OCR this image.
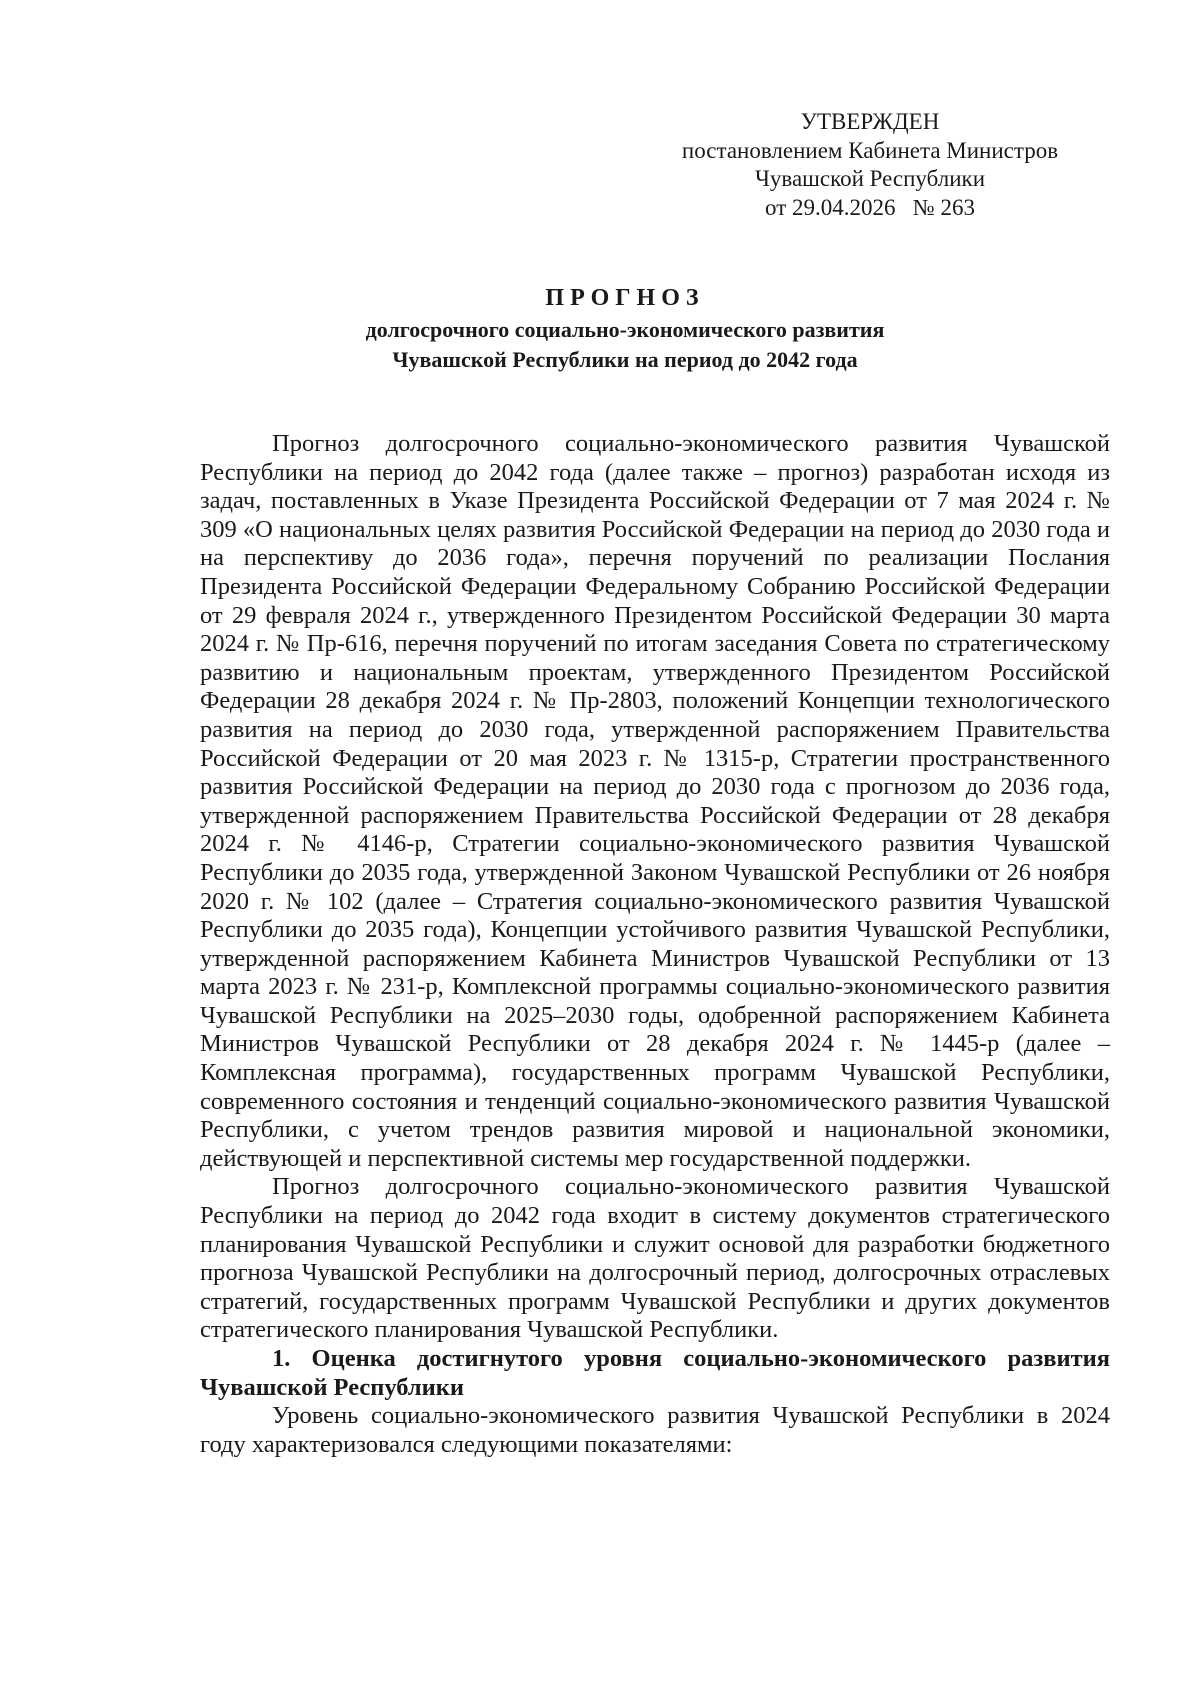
УТВЕРЖДЕН
постановлением Кабинета Министров
Чувашской Республики
от 29.04.2026   № 263
ПРОГНОЗ
долгосрочного социально-экономического развития
Чувашской Республики на период до 2042 года

Прогноз долгосрочного социально-экономического развития Чувашской Республики на период до 2042 года (далее также – прогноз) разработан исходя из задач, поставленных в Указе Президента Российской Федерации от 7 мая 2024 г. № 309 «О национальных целях развития Российской Федерации на период до 2030 года и на перспективу до 2036 года», перечня поручений по реализации Послания Президента Российской Федерации Федеральному Собранию Российской Федерации от 29 февраля 2024 г., утвержденного Президентом Российской Федерации 30 марта 2024 г. № Пр-616, перечня поручений по итогам заседания Совета по стратегическому развитию и национальным проектам, утвержденного Президентом Российской Федерации 28 декабря 2024 г. № Пр-2803, положений Концепции технологического развития на период до 2030 года, утвержденной распоряжением Правительства Российской Федерации от 20 мая 2023 г. № 1315-р, Стратегии пространственного развития Российской Федерации на период до 2030 года с прогнозом до 2036 года, утвержденной распоряжением Правительства Российской Федерации от 28 декабря 2024 г. № 4146-р, Стратегии социально-экономического развития Чувашской Республики до 2035 года, утвержденной Законом Чувашской Республики от 26 ноября 2020 г. № 102 (далее – Стратегия социально-экономического развития Чувашской Республики до 2035 года), Концепции устойчивого развития Чувашской Республики, утвержденной распоряжением Кабинета Министров Чувашской Республики от 13 марта 2023 г. № 231-р, Комплексной программы социально-экономического развития Чувашской Республики на 2025–2030 годы, одобренной распоряжением Кабинета Министров Чувашской Республики от 28 декабря 2024 г. № 1445-р (далее – Комплексная программа), государственных программ Чувашской Республики, современного состояния и тенденций социально-экономического развития Чувашской Республики, с учетом трендов развития мировой и национальной экономики, действующей и перспективной системы мер государственной поддержки.

Прогноз долгосрочного социально-экономического развития Чувашской Республики на период до 2042 года входит в систему документов стратегического планирования Чувашской Республики и служит основой для разработки бюджетного прогноза Чувашской Республики на долгосрочный период, долгосрочных отраслевых стратегий, государственных программ Чувашской Республики и других документов стратегического планирования Чувашской Республики.

1. Оценка достигнутого уровня социально-экономического развития Чувашской Республики

Уровень социально-экономического развития Чувашской Республики в 2024 году характеризовался следующими показателями:
